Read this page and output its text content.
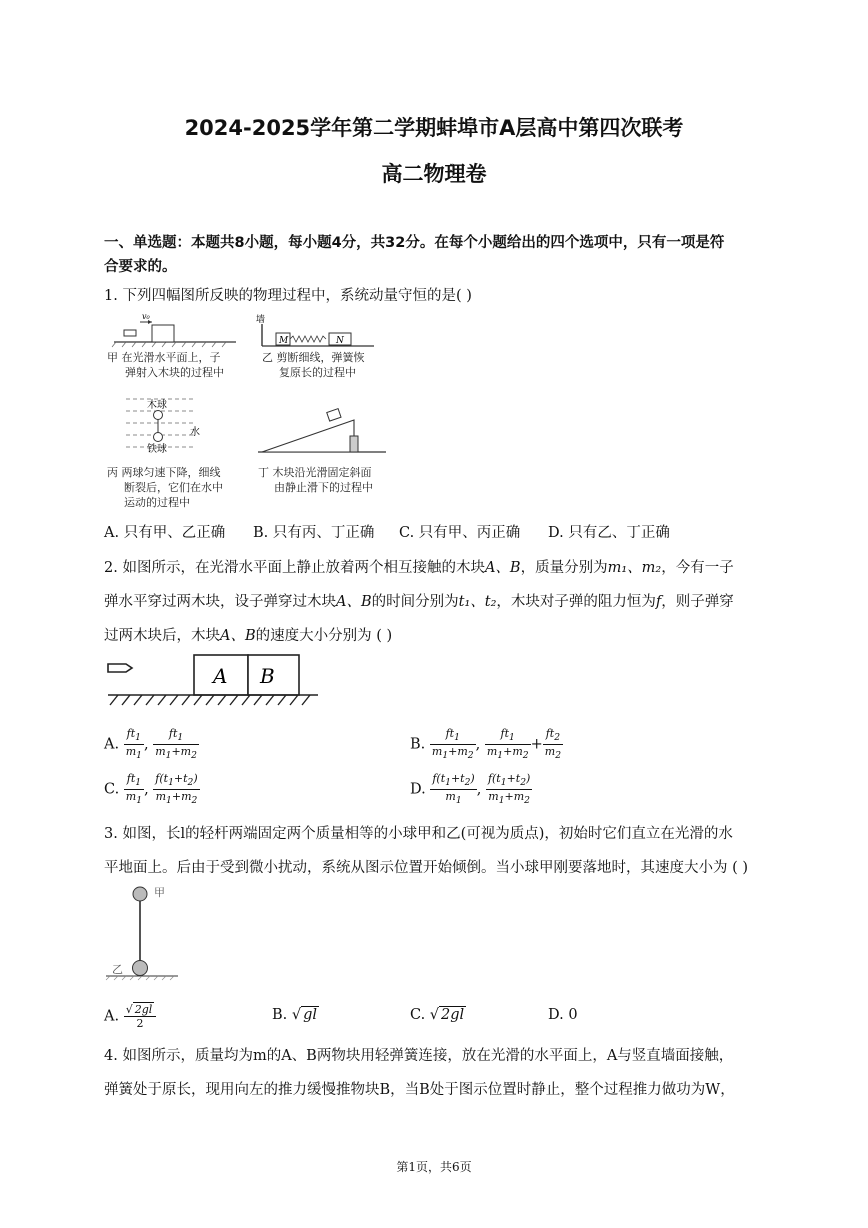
2024-2025学年第二学期蚌埠市A层高中第四次联考
高二物理卷
一、单选题：本题共8小题，每小题4分，共32分。在每个小题给出的四个选项中，只有一项是符
合要求的。
1. 下列四幅图所反映的物理过程中，系统动量守恒的是( )
v₀
甲 在光滑水平面上，子
弹射入木块的过程中
墙
M	N
乙 剪断细线，弹簧恢
复原长的过程中
木球
水
铁球
丙 两球匀速下降，细线
断裂后，它们在水中
运动的过程中
丁 木块沿光滑固定斜面
由静止滑下的过程中
A. 只有甲、乙正确 B. 只有丙、丁正确 C. 只有甲、丙正确 D. 只有乙、丁正确
2. 如图所示，在光滑水平面上静止放着两个相互接触的木块A、B，质量分别为m₁、m₂，今有一子
弹水平穿过两木块，设子弹穿过木块A、B的时间分别为t₁、t₂，木块对子弹的阻力恒为f，则子弹穿
过两木块后，木块A、B的速度大小分别为 ( )
A B
A. $\frac{ft_1}{m_1}$ , $\frac{ft_1}{m_1+m_2}$	B. $\frac{ft_1}{m_1+m_2}$ , $\frac{ft_1}{m_1+m_2} + \frac{ft_2}{m_2}$
C. $\frac{ft_1}{m_1}$ , $\frac{f(t_1+t_2)}{m_1+m_2}$	D. $\frac{f(t_1+t_2)}{m_1}$ , $\frac{f(t_1+t_2)}{m_1+m_2}$
3. 如图，长l的轻杆两端固定两个质量相等的小球甲和乙(可视为质点)，初始时它们直立在光滑的水
平地面上。后由于受到微小扰动，系统从图示位置开始倾倒。当小球甲刚要落地时，其速度大小为 ( )
甲
乙
A. $\frac{√ 2gl}{2}$	B. √ gl	C. √ 2gl	D. 0
4. 如图所示，质量均为m的A、B两物块用轻弹簧连接，放在光滑的水平面上，A与竖直墙面接触，
弹簧处于原长，现用向左的推力缓慢推物块B，当B处于图示位置时静止，整个过程推力做功为W，
第1页，共6页
